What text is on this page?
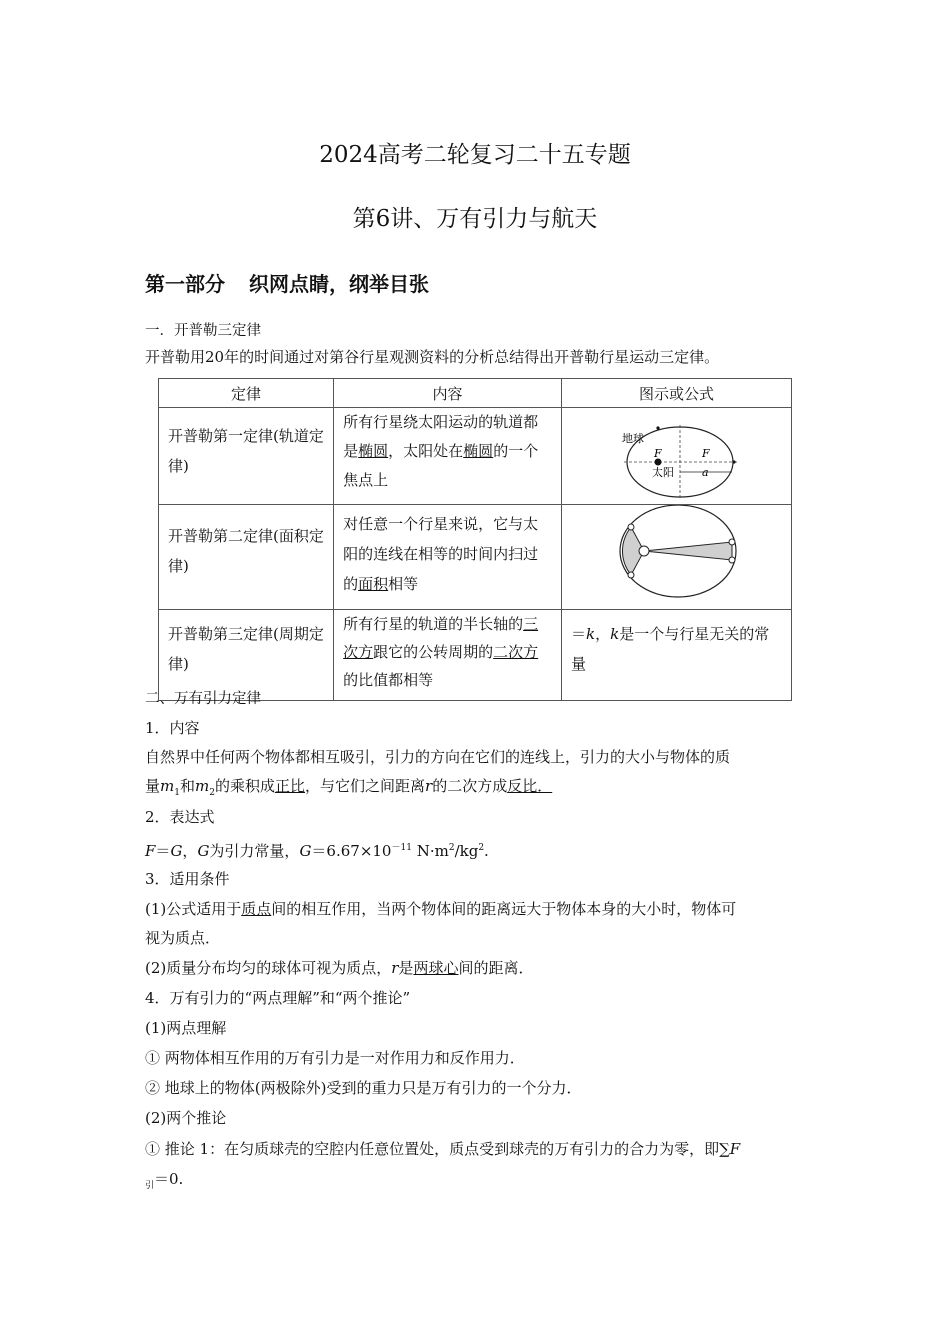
2024高考二轮复习二十五专题
第6讲、万有引力与航天
第一部分 织网点睛，纲举目张
一．开普勒三定律
开普勒用20年的时间通过对第谷行星观测资料的分析总结得出开普勒行星运动三定律。
定律	内容	图示或公式

开普勒第一定律(轨道定律)	所有行星绕太阳运动的轨道都是椭圆，太阳处在椭圆的一个焦点上	地球
F F
太阳 a

开普勒第二定律(面积定律)	对任意一个行星来说，它与太阳的连线在相等的时间内扫过的面积相等

开普勒第三定律(周期定律)	所有行星的轨道的半长轴的三次方跟它的公转周期的二次方的比值都相等	＝k，k是一个与行星无关的常量
二、万有引力定律
1．内容
自然界中任何两个物体都相互吸引，引力的方向在它们的连线上，引力的大小与物体的质
量$m_1$和$m_2$的乘积成正比，与它们之间距离r的二次方成反比．
2．表达式
F＝G，G为引力常量，$G=6.67\times 10^{-11}$ $N\cdot m^2/kg^2$.
3．适用条件
(1)公式适用于质点间的相互作用，当两个物体间的距离远大于物体本身的大小时，物体可
视为质点．
(2)质量分布均匀的球体可视为质点，r是两球心间的距离．
4．万有引力的“两点理解”和“两个推论”
(1)两点理解
① 两物体相互作用的万有引力是一对作用力和反作用力．
② 地球上的物体(两极除外)受到的重力只是万有引力的一个分力．
(2)两个推论
① 推论 1：在匀质球壳的空腔内任意位置处，质点受到球壳的万有引力的合力为零，即∑F
$_引$＝0.
